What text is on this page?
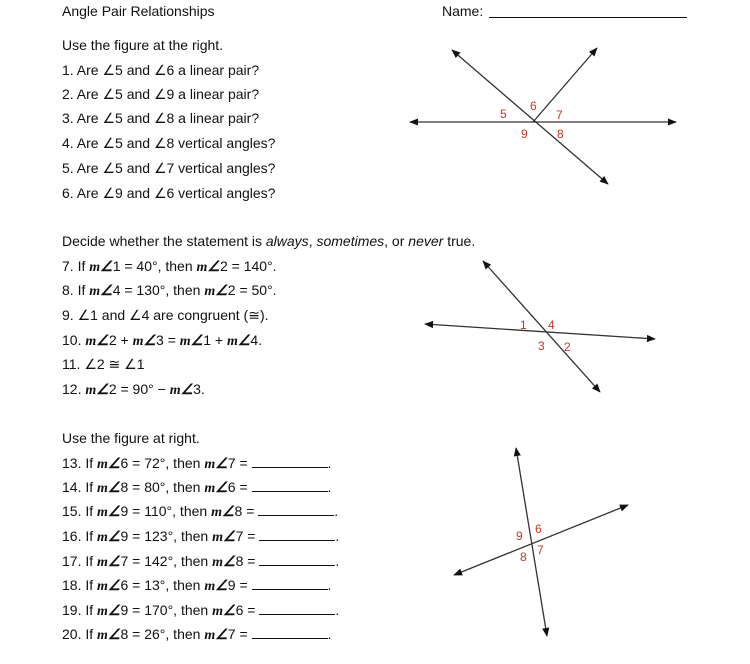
Angle Pair Relationships	Name:
Use the figure at the right.
1. Are ∠5 and ∠6 a linear pair?
2. Are ∠5 and ∠9 a linear pair?
3. Are ∠5 and ∠8 a linear pair?
4. Are ∠5 and ∠8 vertical angles?
5. Are ∠5 and ∠7 vertical angles?
6. Are ∠9 and ∠6 vertical angles?
Decide whether the statement is always, sometimes, or never true.
7. If m∠1 = 40°, then m∠2 = 140°.
8. If m∠4 = 130°, then m∠2 = 50°.
9. ∠1 and ∠4 are congruent (≅).
10. m∠2 + m∠3 = m∠1 + m∠4.
11. ∠2 ≅ ∠1
12. m∠2 = 90° − m∠3.
Use the figure at right.
13. If m∠6 = 72°, then m∠7 =	.
14. If m∠8 = 80°, then m∠6 =	.
15. If m∠9 = 110°, then m∠8 =	.
16. If m∠9 = 123°, then m∠7 =	.
17. If m∠7 = 142°, then m∠8 =	.
18. If m∠6 = 13°, then m∠9 =	.
19. If m∠9 = 170°, then m∠6 =	.
20. If m∠8 = 26°, then m∠7 =	.
5
6
7
9 8
1 4
3 2
9 6
8 7
